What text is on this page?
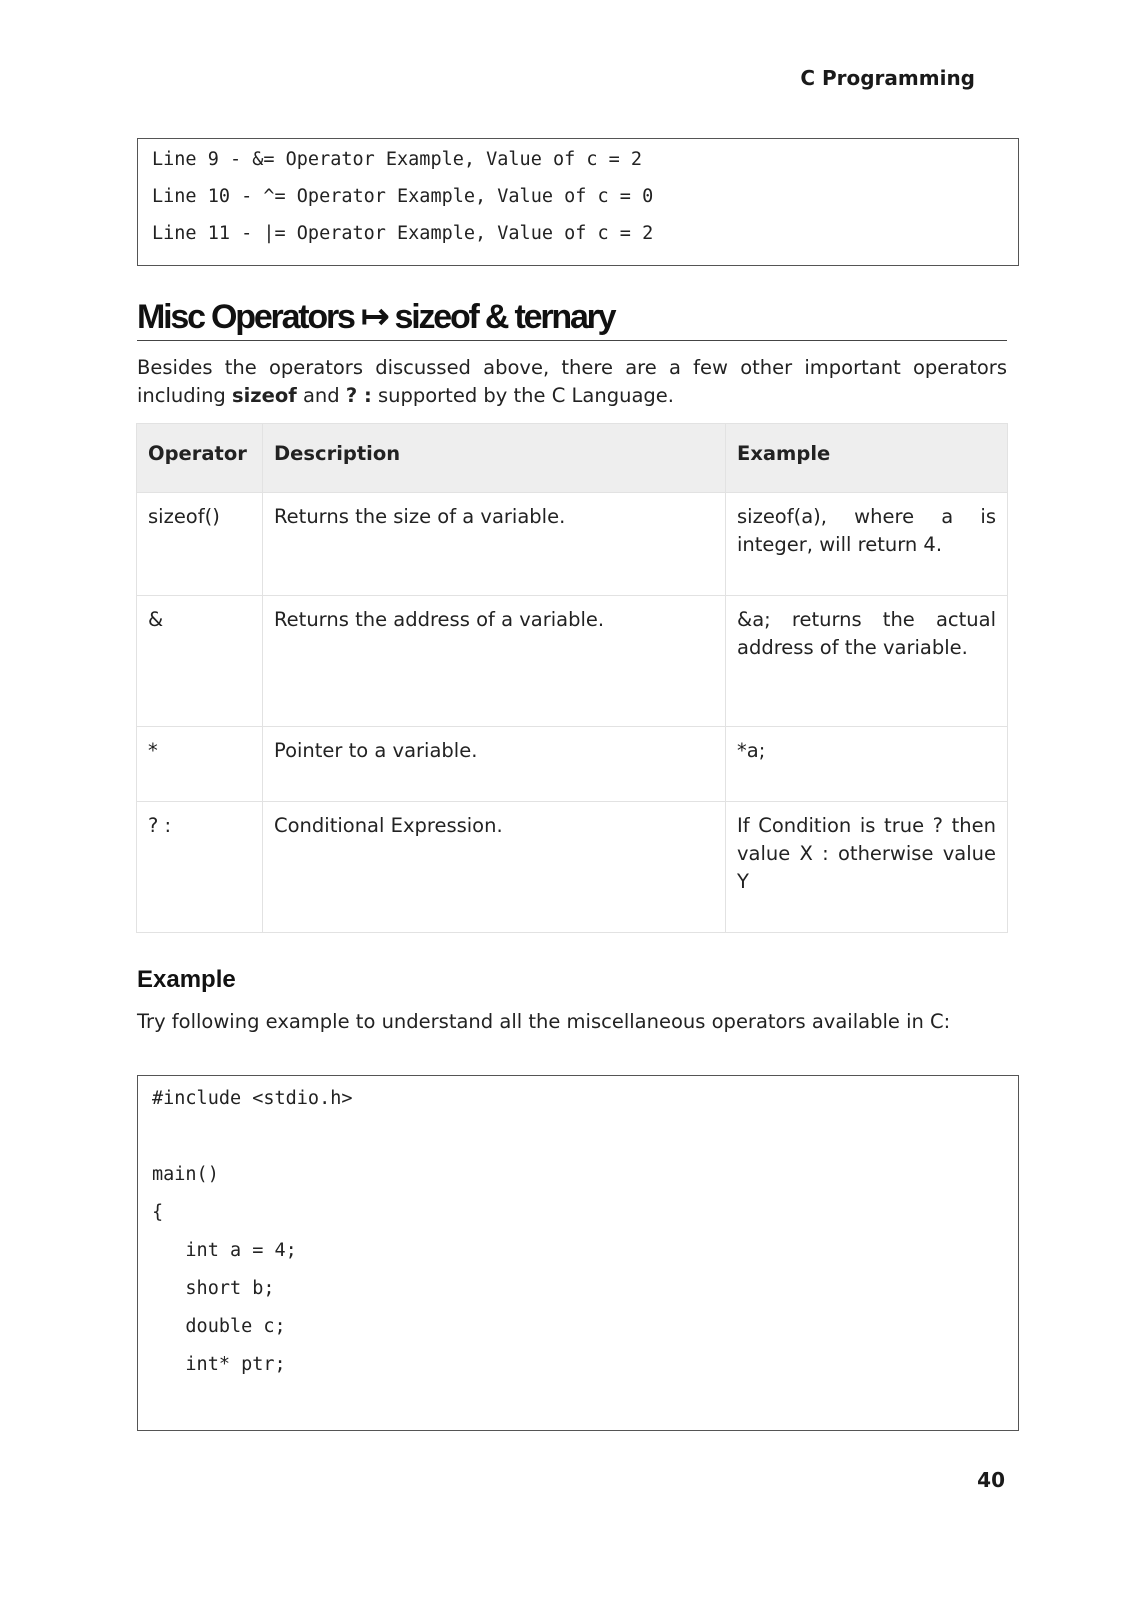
C Programming
Line 9 - &= Operator Example, Value of c = 2
Line 10 - ^= Operator Example, Value of c = 0
Line 11 - |= Operator Example, Value of c = 2
Misc Operators ↦ sizeof & ternary
Besides the operators discussed above, there are a few other important operators including sizeof and ? : supported by the C Language.
Operator	Description	Example
sizeof()	Returns the size of a variable.	sizeof(a), where a is integer, will return 4.
&	Returns the address of a variable.	&a; returns the actual address of the variable.
*	Pointer to a variable.	*a;
? :	Conditional Expression.	If Condition is true ? then value X : otherwise value Y
Example
Try following example to understand all the miscellaneous operators available in C:
#include <stdio.h>
main()
{
int a = 4;
short b;
double c;
int* ptr;
40
